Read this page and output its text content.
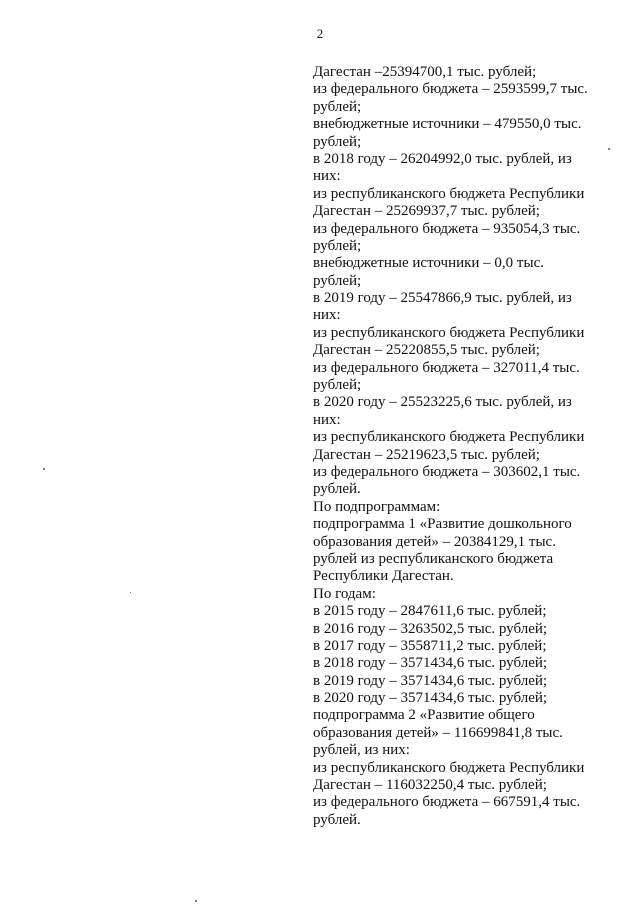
2
Дагестан –25394700,1 тыс. рублей;
из федерального бюджета – 2593599,7 тыс.
рублей;
внебюджетные источники – 479550,0 тыс.
рублей;
в 2018 году – 26204992,0 тыс. рублей, из
них:
из республиканского бюджета Республики
Дагестан – 25269937,7 тыс. рублей;
из федерального бюджета – 935054,3 тыс.
рублей;
внебюджетные источники – 0,0 тыс.
рублей;
в 2019 году – 25547866,9 тыс. рублей, из
них:
из республиканского бюджета Республики
Дагестан – 25220855,5 тыс. рублей;
из федерального бюджета – 327011,4 тыс.
рублей;
в 2020 году – 25523225,6 тыс. рублей, из
них:
из республиканского бюджета Республики
Дагестан – 25219623,5 тыс. рублей;
из федерального бюджета – 303602,1 тыс.
рублей.
По подпрограммам:
подпрограмма 1 «Развитие дошкольного
образования детей» – 20384129,1 тыс.
рублей из республиканского бюджета
Республики Дагестан.
По годам:
в 2015 году – 2847611,6 тыс. рублей;
в 2016 году – 3263502,5 тыс. рублей;
в 2017 году – 3558711,2 тыс. рублей;
в 2018 году – 3571434,6 тыс. рублей;
в 2019 году – 3571434,6 тыс. рублей;
в 2020 году – 3571434,6 тыс. рублей;
подпрограмма 2 «Развитие общего
образования детей» – 116699841,8 тыс.
рублей, из них:
из республиканского бюджета Республики
Дагестан – 116032250,4 тыс. рублей;
из федерального бюджета – 667591,4 тыс.
рублей.
